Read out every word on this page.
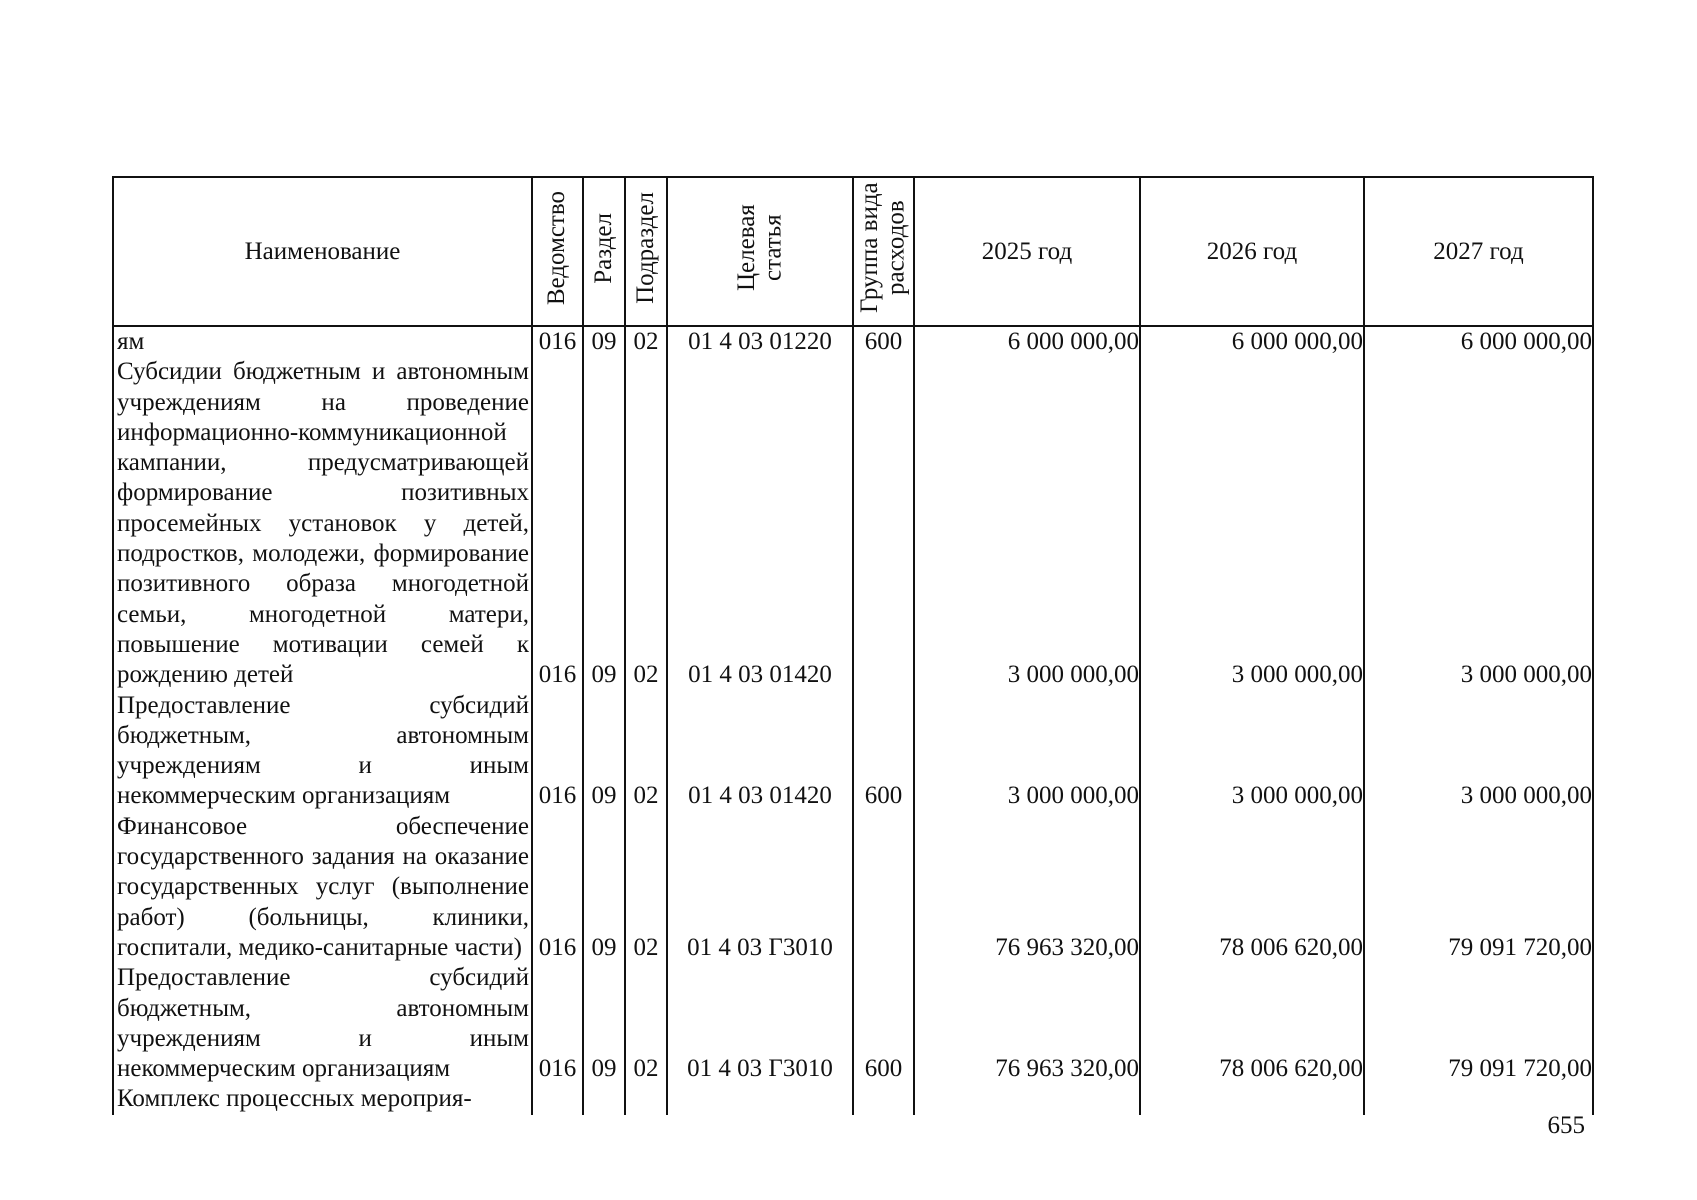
Наименование	Ведомство	Раздел	Подраздел	Целевая статья	Группа вида расходов	2025 год	2026 год	2027 год
ям	016	09	02	01 4 03 01220	600	6 000 000,00	6 000 000,00	6 000 000,00
Субсидии бюджетным и автономным учреждениям на проведение информационно-коммуникационной кампании, предусматривающей формирование позитивных просемейных установок у детей, подростков, молодежи, формирование позитивного образа многодетной семьи, многодетной матери, повышение мотивации семей к рождению детей	016	09	02	01 4 03 01420		3 000 000,00	3 000 000,00	3 000 000,00
Предоставление субсидий бюджетным, автономным учреждениям и иным некоммерческим организациям	016	09	02	01 4 03 01420	600	3 000 000,00	3 000 000,00	3 000 000,00
Финансовое обеспечение государственного задания на оказание государственных услуг (выполнение работ) (больницы, клиники, госпитали, медико-санитарные части)	016	09	02	01 4 03 Г3010		76 963 320,00	78 006 620,00	79 091 720,00
Предоставление субсидий бюджетным, автономным учреждениям и иным некоммерческим организациям	016	09	02	01 4 03 Г3010	600	76 963 320,00	78 006 620,00	79 091 720,00
Комплекс процессных мероприя-								
655
